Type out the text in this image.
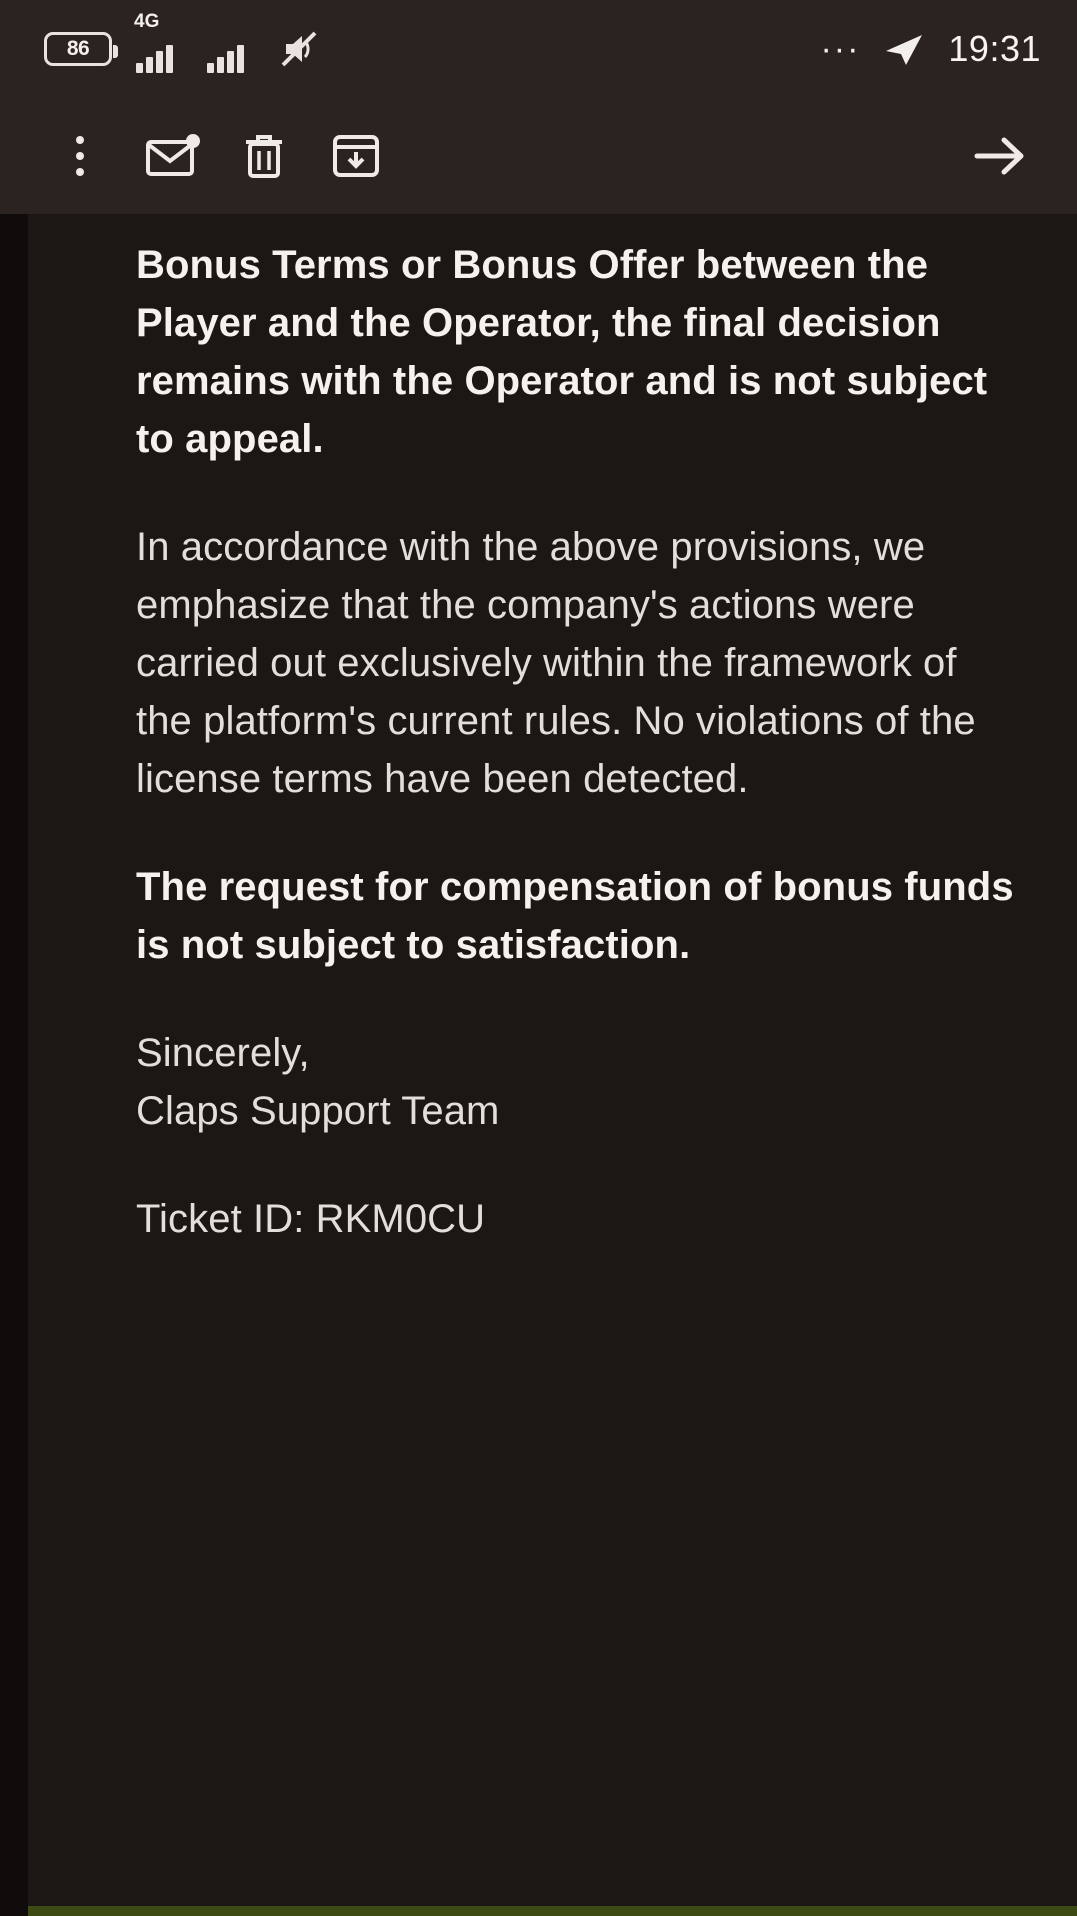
86
4G
··· 19:31

Bonus Terms or Bonus Offer between the Player and the Operator, the final decision remains with the Operator and is not subject to appeal.

In accordance with the above provisions, we emphasize that the company's actions were carried out exclusively within the framework of the platform's current rules. No violations of the license terms have been detected.

The request for compensation of bonus funds is not subject to satisfaction.

Sincerely,
Claps Support Team

Ticket ID: RKM0CU
